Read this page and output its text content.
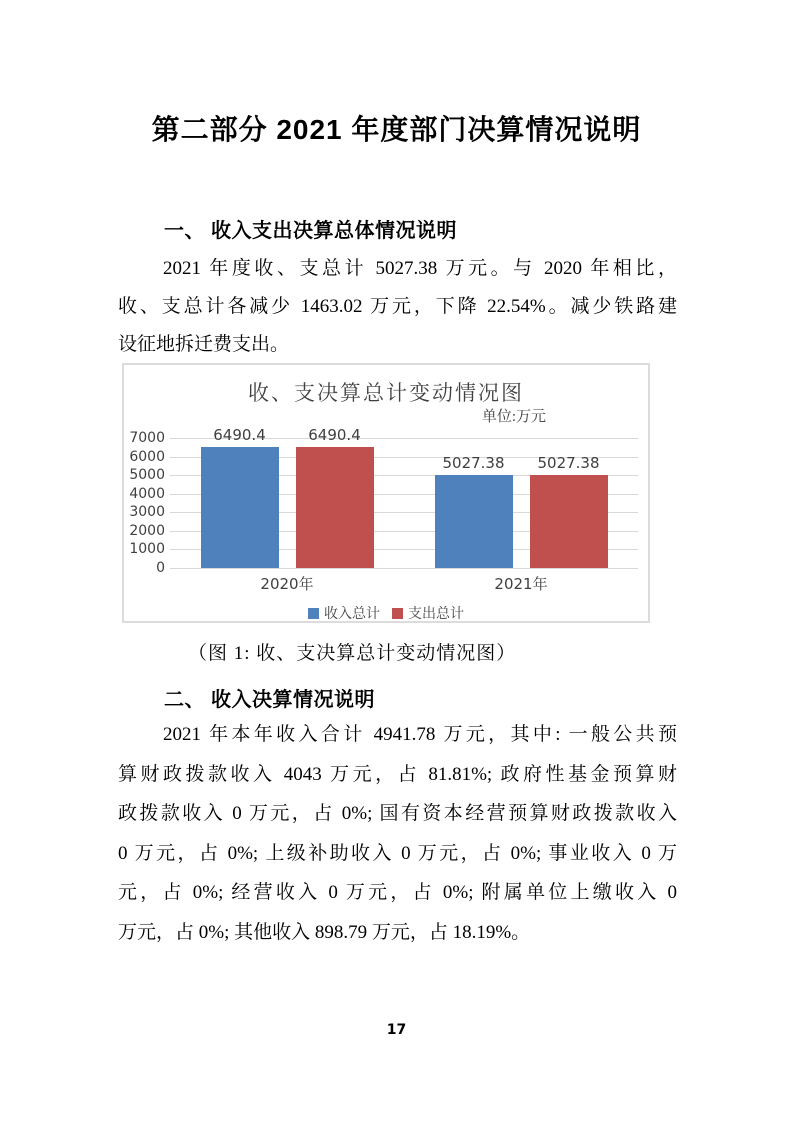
第二部分 2021 年度部门决算情况说明
一、 收入支出决算总体情况说明
2021 年度收、支总计 5027.38 万元。与 2020 年相比，
收、支总计各减少 1463.02 万元，下降 22.54%。减少铁路建
设征地拆迁费支出。
收、支决算总计变动情况图
单位:万元
7000
6000
5000
4000
3000
2000
1000
0
6490.4	6490.4
2020年
5027.38	5027.38
2021年
收入总计 支出总计
（图 1: 收、支决算总计变动情况图）
二、 收入决算情况说明
2021 年本年收入合计 4941.78 万元，其中: 一般公共预
算财政拨款收入 4043 万元，占 81.81%; 政府性基金预算财
政拨款收入 0 万元，占 0%; 国有资本经营预算财政拨款收入
0 万元，占 0%; 上级补助收入 0 万元，占 0%; 事业收入 0 万
元，占 0%; 经营收入 0 万元，占 0%; 附属单位上缴收入 0
万元，占 0%; 其他收入 898.79 万元，占 18.19%。
17
